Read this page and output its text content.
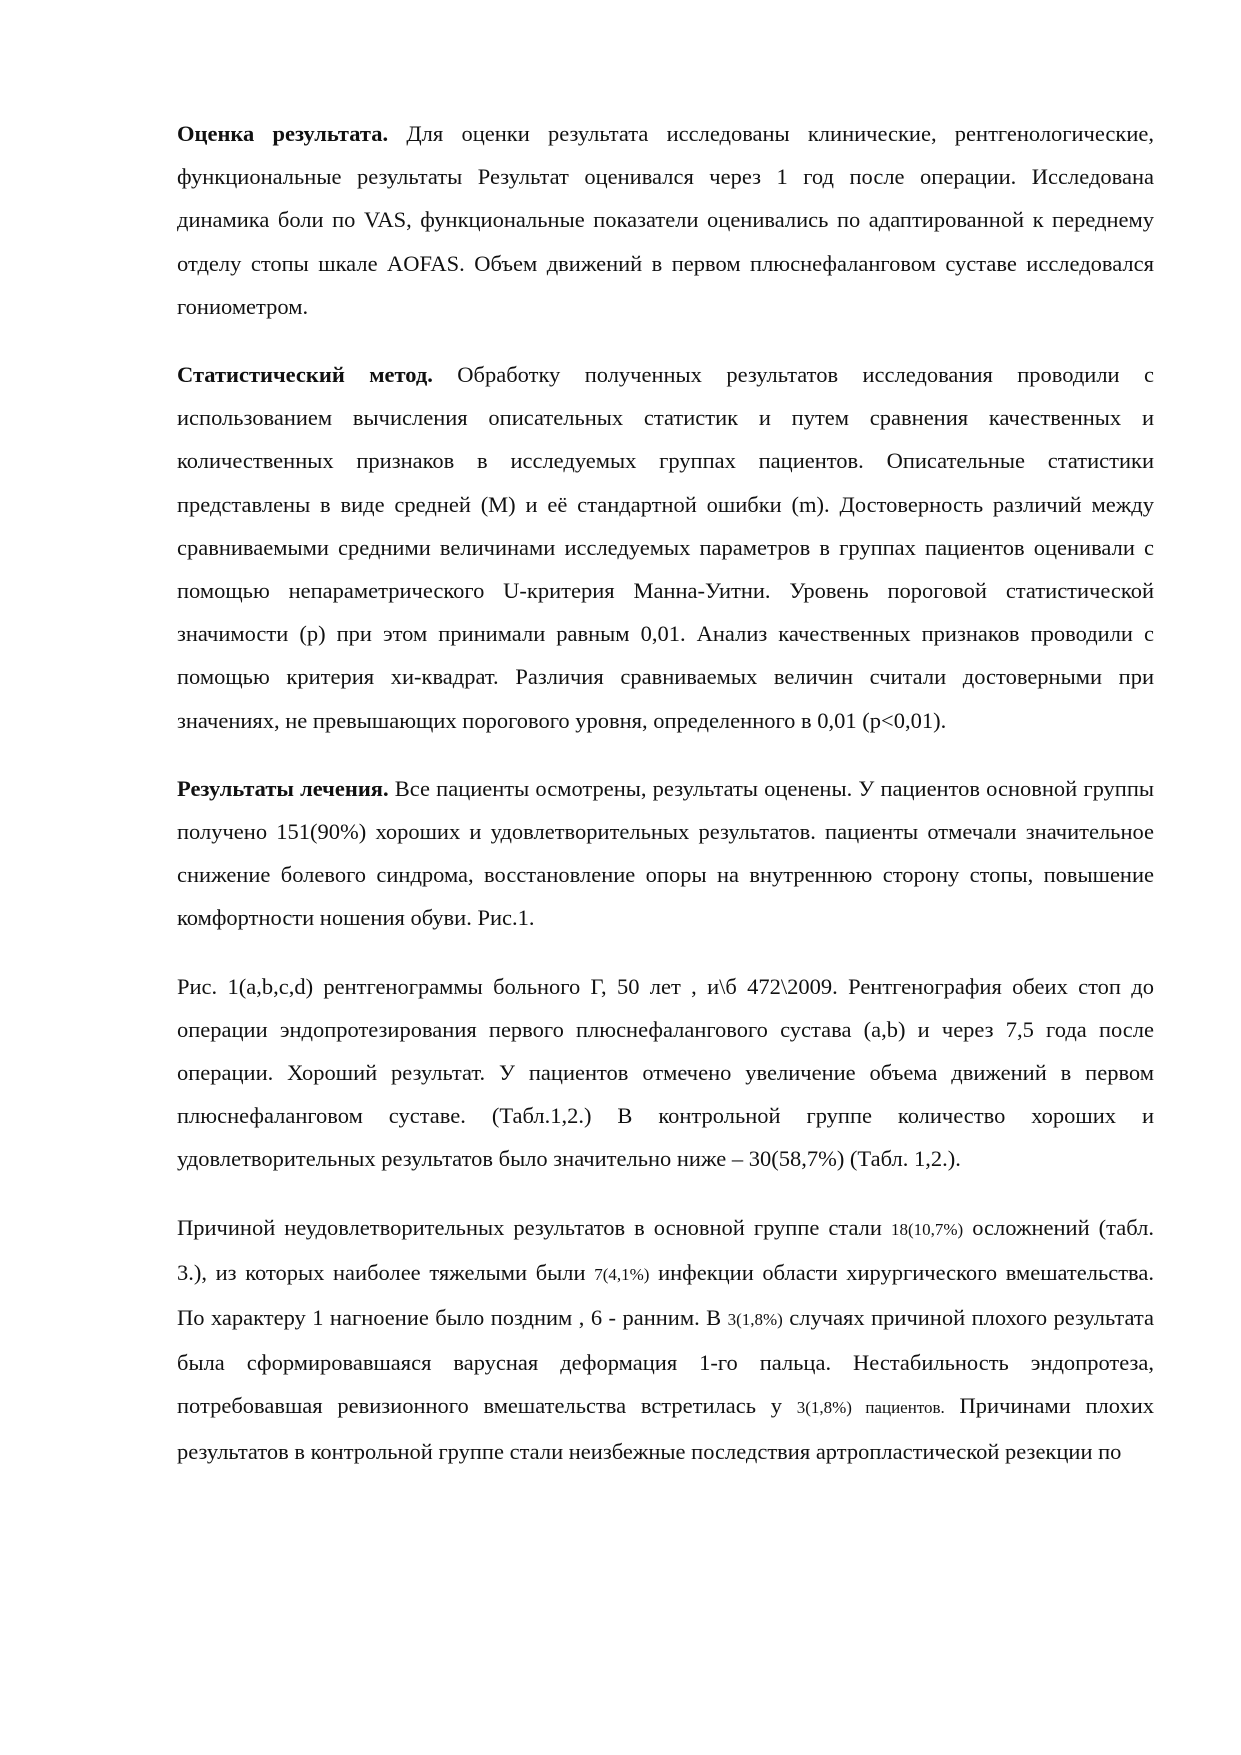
Оценка результата. Для оценки результата исследованы клинические, рентгенологические, функциональные результаты Результат оценивался через 1 год после операции. Исследована динамика боли по VAS, функциональные показатели оценивались по адаптированной к переднему отделу стопы шкале AOFAS. Объем движений в первом плюснефаланговом суставе исследовался гониометром.

Статистический метод. Обработку полученных результатов исследования проводили с использованием вычисления описательных статистик и путем сравнения качественных и количественных признаков в исследуемых группах пациентов. Описательные статистики представлены в виде средней (M) и её стандартной ошибки (m). Достоверность различий между сравниваемыми средними величинами исследуемых параметров в группах пациентов оценивали с помощью непараметрического U-критерия Манна-Уитни. Уровень пороговой статистической значимости (р) при этом принимали равным 0,01. Анализ качественных признаков проводили с помощью критерия хи-квадрат. Различия сравниваемых величин считали достоверными при значениях, не превышающих порогового уровня, определенного в 0,01 (р<0,01).

Результаты лечения. Все пациенты осмотрены, результаты оценены. У пациентов основной группы получено 151(90%) хороших и удовлетворительных результатов. пациенты отмечали значительное снижение болевого синдрома, восстановление опоры на внутреннюю сторону стопы, повышение комфортности ношения обуви. Рис.1.

Рис. 1(a,b,c,d) рентгенограммы больного Г, 50 лет , и\б 472\2009. Рентгенография обеих стоп до операции эндопротезирования первого плюснефалангового сустава (a,b) и через 7,5 года после операции. Хороший результат. У пациентов отмечено увеличение объема движений в первом плюснефаланговом суставе. (Табл.1,2.) В контрольной группе количество хороших и удовлетворительных результатов было значительно ниже – 30(58,7%) (Табл. 1,2.).

Причиной неудовлетворительных результатов в основной группе стали 18(10,7%) осложнений (табл. 3.), из которых наиболее тяжелыми были 7(4,1%) инфекции области хирургического вмешательства. По характеру 1 нагноение было поздним , 6 - ранним. В 3(1,8%) случаях причиной плохого результата была сформировавшаяся варусная деформация 1-го пальца. Нестабильность эндопротеза, потребовавшая ревизионного вмешательства встретилась у 3(1,8%) пациентов. Причинами плохих результатов в контрольной группе стали неизбежные последствия артропластической резекции по
